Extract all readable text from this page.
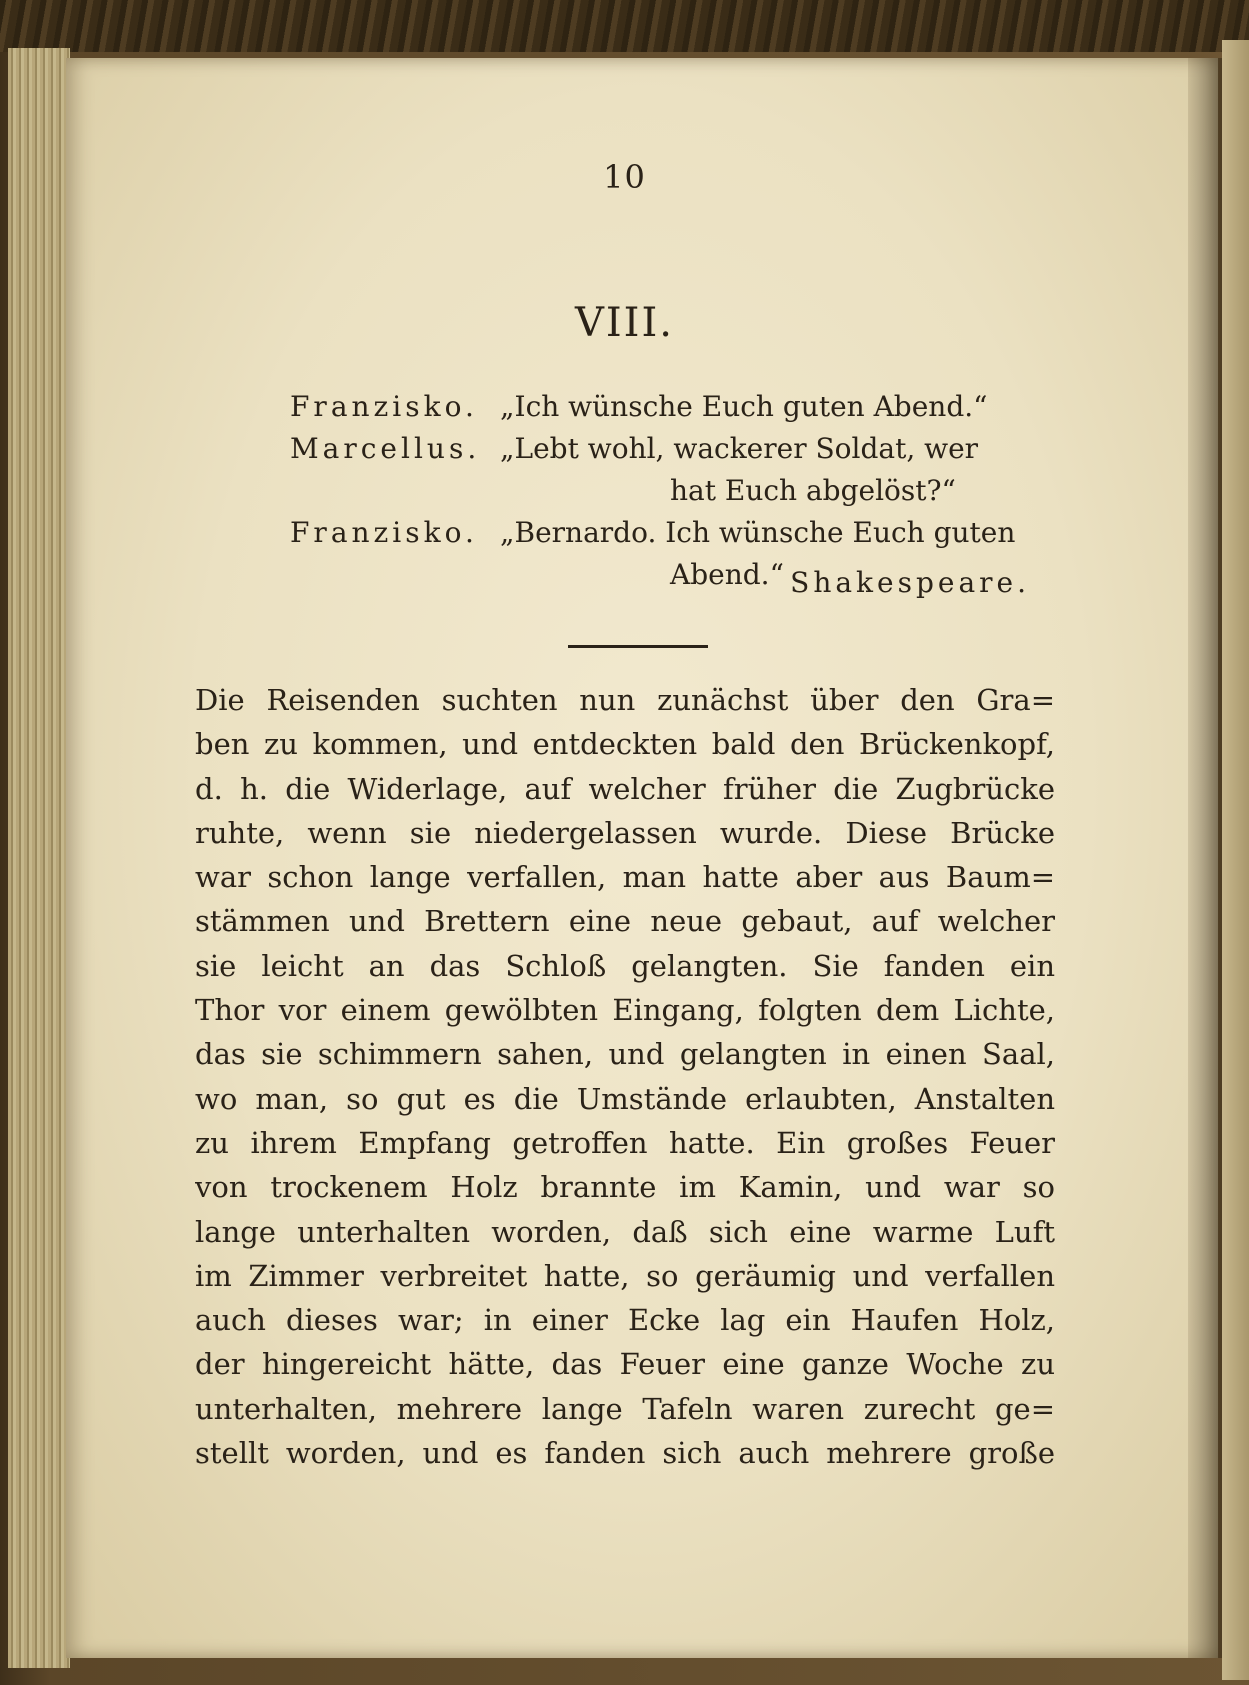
10
VIII.
Franzisko. „Ich wünsche Euch guten Abend.“
Marcellus. „Lebt wohl, wackerer Soldat, wer
hat Euch abgelöst?“
Franzisko. „Bernardo. Ich wünsche Euch guten
Abend.“ Shakespeare.
Die Reisenden suchten nun zunächst über den Gra=
ben zu kommen, und entdeckten bald den Brückenkopf,
d. h. die Widerlage, auf welcher früher die Zugbrücke
ruhte, wenn sie niedergelassen wurde. Diese Brücke
war schon lange verfallen, man hatte aber aus Baum=
stämmen und Brettern eine neue gebaut, auf welcher
sie leicht an das Schloß gelangten. Sie fanden ein
Thor vor einem gewölbten Eingang, folgten dem Lichte,
das sie schimmern sahen, und gelangten in einen Saal,
wo man, so gut es die Umstände erlaubten, Anstalten
zu ihrem Empfang getroffen hatte. Ein großes Feuer
von trockenem Holz brannte im Kamin, und war so
lange unterhalten worden, daß sich eine warme Luft
im Zimmer verbreitet hatte, so geräumig und verfallen
auch dieses war; in einer Ecke lag ein Haufen Holz,
der hingereicht hätte, das Feuer eine ganze Woche zu
unterhalten, mehrere lange Tafeln waren zurecht ge=
stellt worden, und es fanden sich auch mehrere große
